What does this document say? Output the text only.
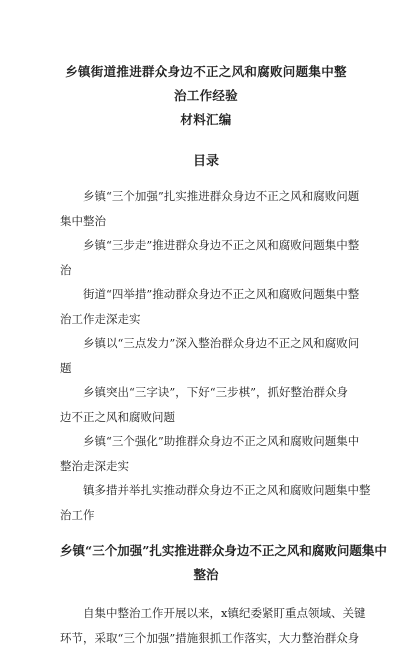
乡镇街道推进群众身边不正之风和腐败问题集中整治工作经验
材料汇编
目录
乡镇“三个加强”扎实推进群众身边不正之风和腐败问题
集中整治
乡镇“三步走”推进群众身边不正之风和腐败问题集中整
治
街道“四举措”推动群众身边不正之风和腐败问题集中整
治工作走深走实
乡镇以“三点发力”深入整治群众身边不正之风和腐败问
题
乡镇突出“三字诀”，下好“三步棋”，抓好整治群众身
边不正之风和腐败问题
乡镇“三个强化”助推群众身边不正之风和腐败问题集中
整治走深走实
镇多措并举扎实推动群众身边不正之风和腐败问题集中整
治工作
乡镇“三个加强”扎实推进群众身边不正之风和腐败问题集中
整治
自集中整治工作开展以来，x镇纪委紧盯重点领域、关键
环节，采取“三个加强”措施狠抓工作落实，大力整治群众身
